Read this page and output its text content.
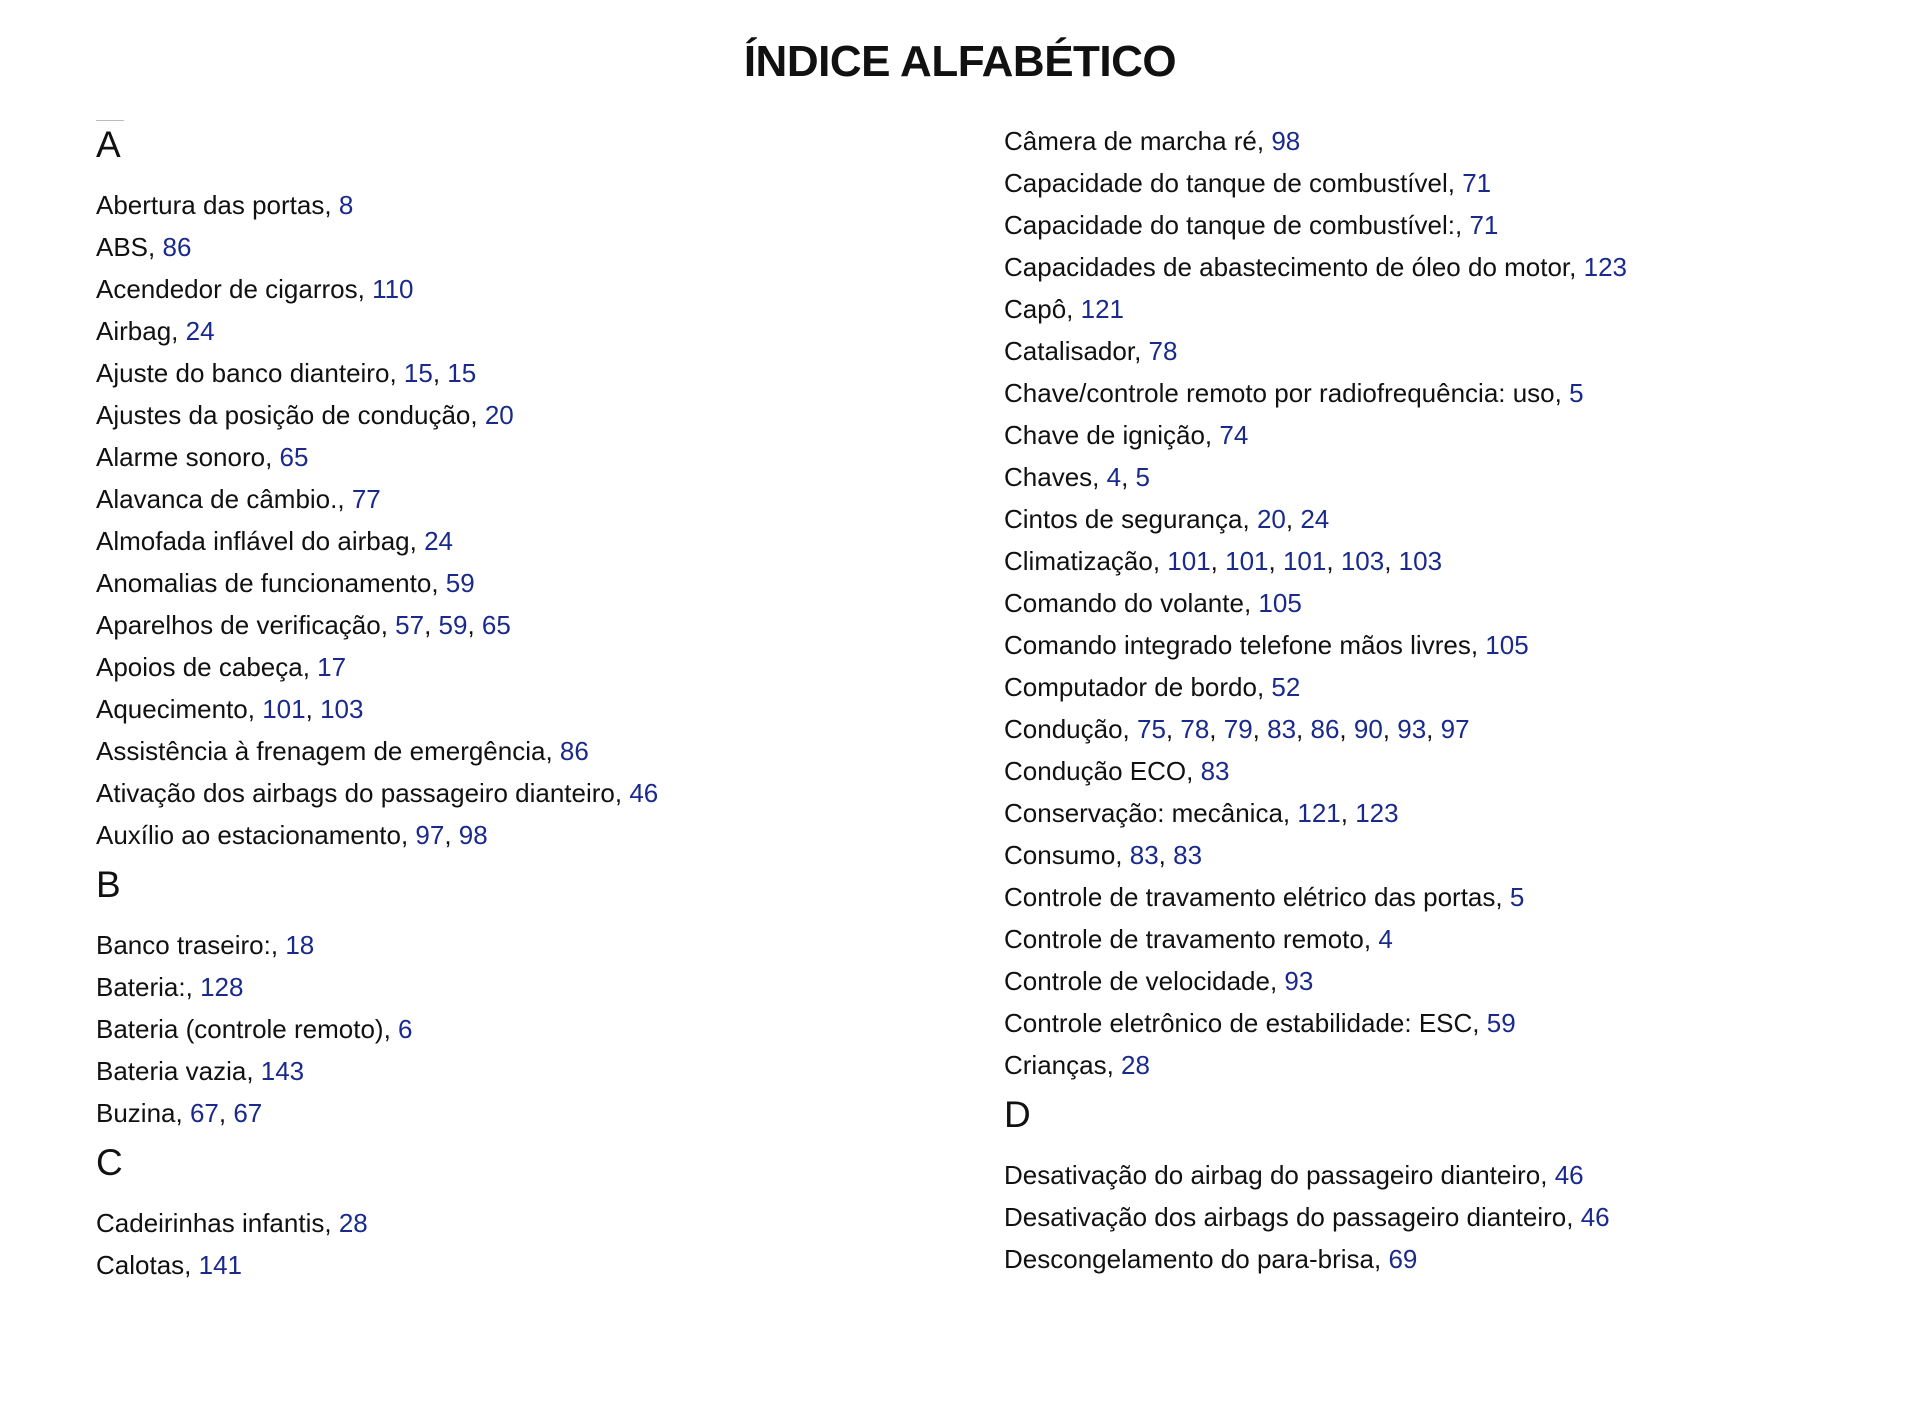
ÍNDICE ALFABÉTICO
A
Abertura das portas, 8
ABS, 86
Acendedor de cigarros, 110
Airbag, 24
Ajuste do banco dianteiro, 15, 15
Ajustes da posição de condução, 20
Alarme sonoro, 65
Alavanca de câmbio., 77
Almofada inflável do airbag, 24
Anomalias de funcionamento, 59
Aparelhos de verificação, 57, 59, 65
Apoios de cabeça, 17
Aquecimento, 101, 103
Assistência à frenagem de emergência, 86
Ativação dos airbags do passageiro dianteiro, 46
Auxílio ao estacionamento, 97, 98
B
Banco traseiro:, 18
Bateria:, 128
Bateria (controle remoto), 6
Bateria vazia, 143
Buzina, 67, 67
C
Cadeirinhas infantis, 28
Calotas, 141
Câmera de marcha ré, 98
Capacidade do tanque de combustível, 71
Capacidade do tanque de combustível:, 71
Capacidades de abastecimento de óleo do motor, 123
Capô, 121
Catalisador, 78
Chave/controle remoto por radiofrequência: uso, 5
Chave de ignição, 74
Chaves, 4, 5
Cintos de segurança, 20, 24
Climatização, 101, 101, 101, 103, 103
Comando do volante, 105
Comando integrado telefone mãos livres, 105
Computador de bordo, 52
Condução, 75, 78, 79, 83, 86, 90, 93, 97
Condução ECO, 83
Conservação: mecânica, 121, 123
Consumo, 83, 83
Controle de travamento elétrico das portas, 5
Controle de travamento remoto, 4
Controle de velocidade, 93
Controle eletrônico de estabilidade: ESC, 59
Crianças, 28
D
Desativação do airbag do passageiro dianteiro, 46
Desativação dos airbags do passageiro dianteiro, 46
Descongelamento do para-brisa, 69
